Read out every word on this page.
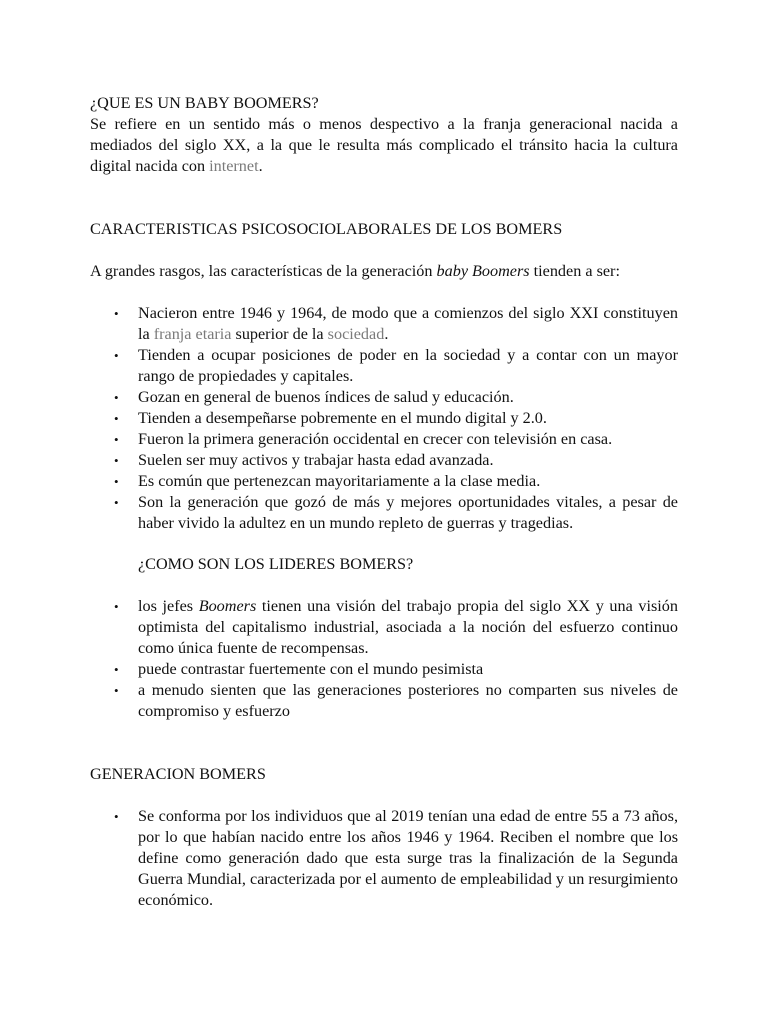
¿QUE ES UN BABY BOOMERS?

Se refiere en un sentido más o menos despectivo a la franja generacional nacida a mediados del siglo XX, a la que le resulta más complicado el tránsito hacia la cultura digital nacida con internet.

CARACTERISTICAS PSICOSOCIOLABORALES DE LOS BOMERS

A grandes rasgos, las características de la generación baby Boomers tienden a ser:

• Nacieron entre 1946 y 1964, de modo que a comienzos del siglo XXI constituyen la franja etaria superior de la sociedad.
• Tienden a ocupar posiciones de poder en la sociedad y a contar con un mayor rango de propiedades y capitales.
• Gozan en general de buenos índices de salud y educación.
• Tienden a desempeñarse pobremente en el mundo digital y 2.0.
• Fueron la primera generación occidental en crecer con televisión en casa.
• Suelen ser muy activos y trabajar hasta edad avanzada.
• Es común que pertenezcan mayoritariamente a la clase media.
• Son la generación que gozó de más y mejores oportunidades vitales, a pesar de haber vivido la adultez en un mundo repleto de guerras y tragedias.

¿COMO SON LOS LIDERES BOMERS?

• los jefes Boomers tienen una visión del trabajo propia del siglo XX y una visión optimista del capitalismo industrial, asociada a la noción del esfuerzo continuo como única fuente de recompensas.
• puede contrastar fuertemente con el mundo pesimista
• a menudo sienten que las generaciones posteriores no comparten sus niveles de compromiso y esfuerzo

GENERACION BOMERS

• Se conforma por los individuos que al 2019 tenían una edad de entre 55 a 73 años, por lo que habían nacido entre los años 1946 y 1964. Reciben el nombre que los define como generación dado que esta surge tras la finalización de la Segunda Guerra Mundial, caracterizada por el aumento de empleabilidad y un resurgimiento económico.
